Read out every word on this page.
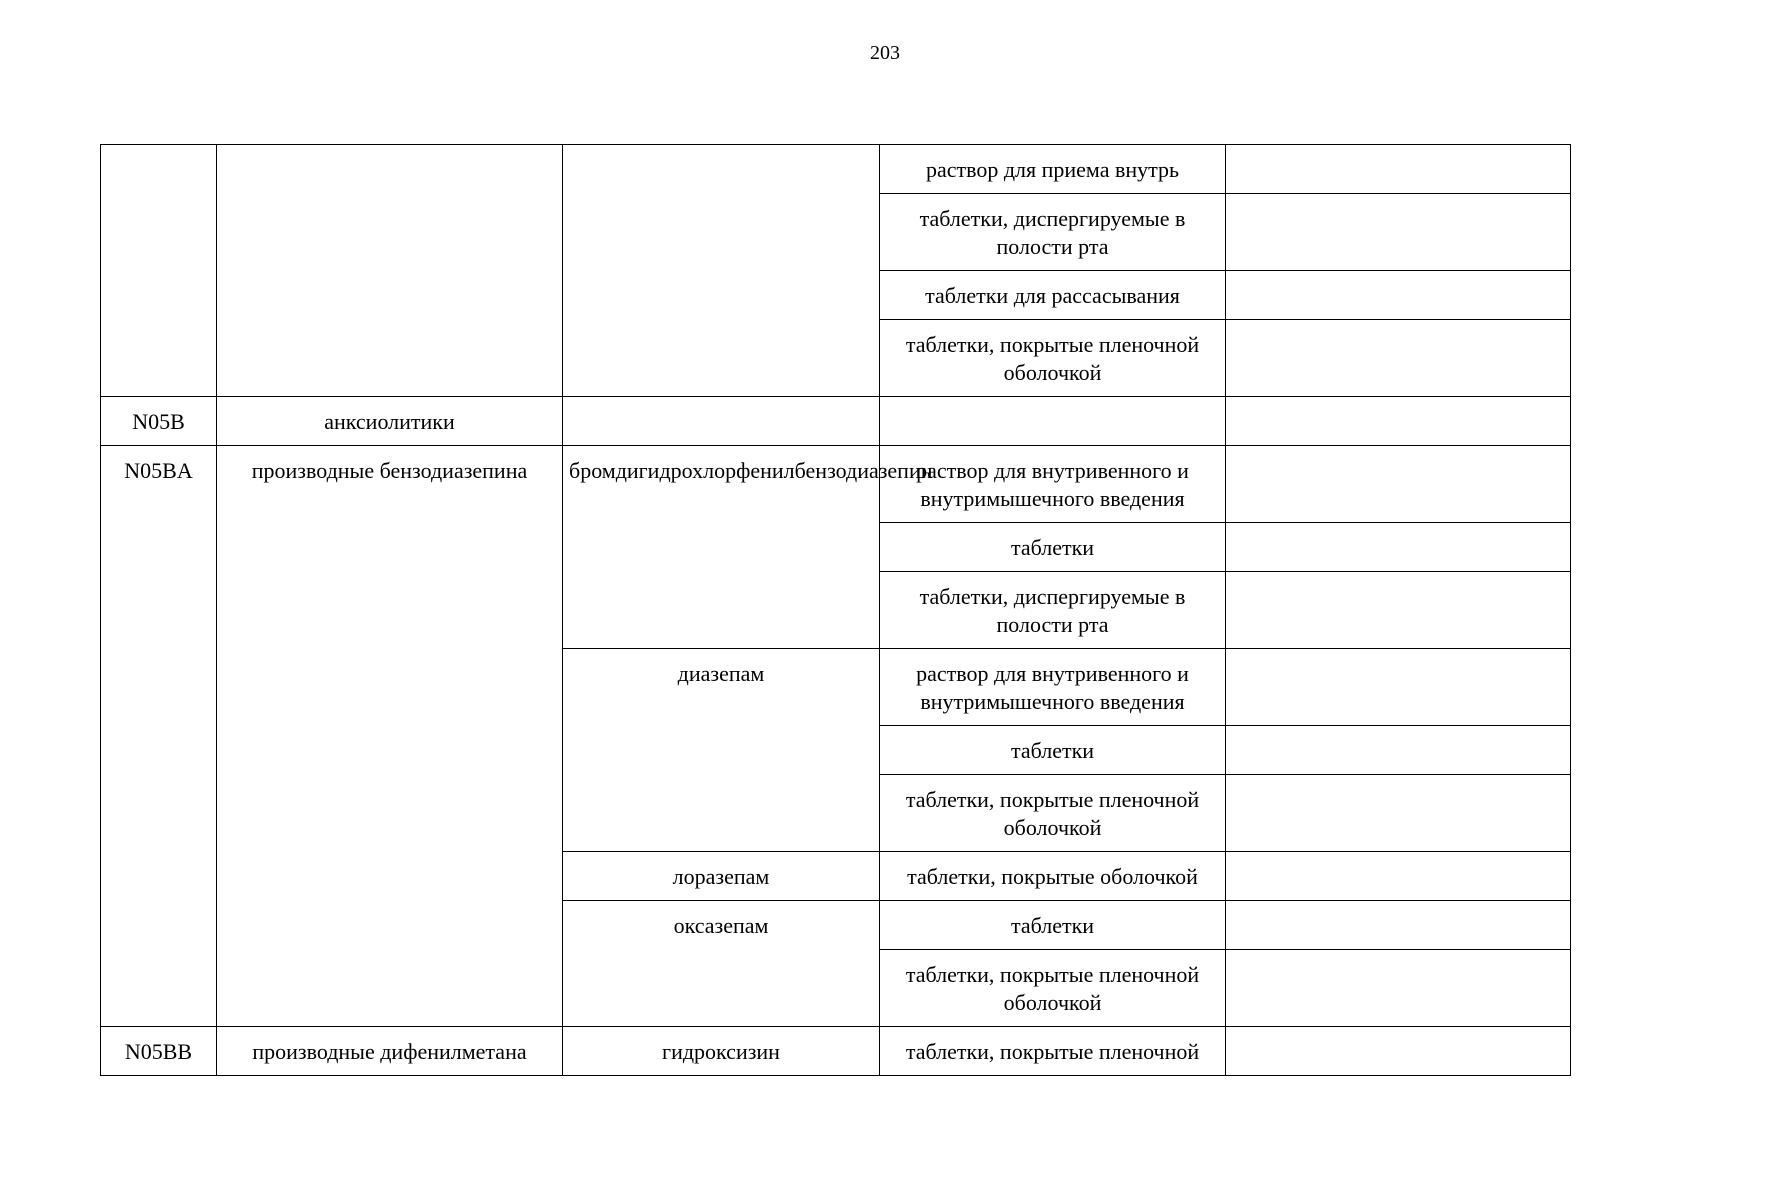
203
			раствор для приема внутрь	
			таблетки, диспергируемые в полости рта	
			таблетки для рассасывания	
			таблетки, покрытые пленочной оболочкой	
N05B	анксиолитики			
N05BA	производные бензодиазепина	бромдигидрохлорфенилбензодиазепин	раствор для внутривенного и внутримышечного введения	
			таблетки	
			таблетки, диспергируемые в полости рта	
		диазепам	раствор для внутривенного и внутримышечного введения	
			таблетки	
			таблетки, покрытые пленочной оболочкой	
		лоразепам	таблетки, покрытые оболочкой	
		оксазепам	таблетки	
			таблетки, покрытые пленочной оболочкой	
N05BB	производные дифенилметана	гидроксизин	таблетки, покрытые пленочной	
